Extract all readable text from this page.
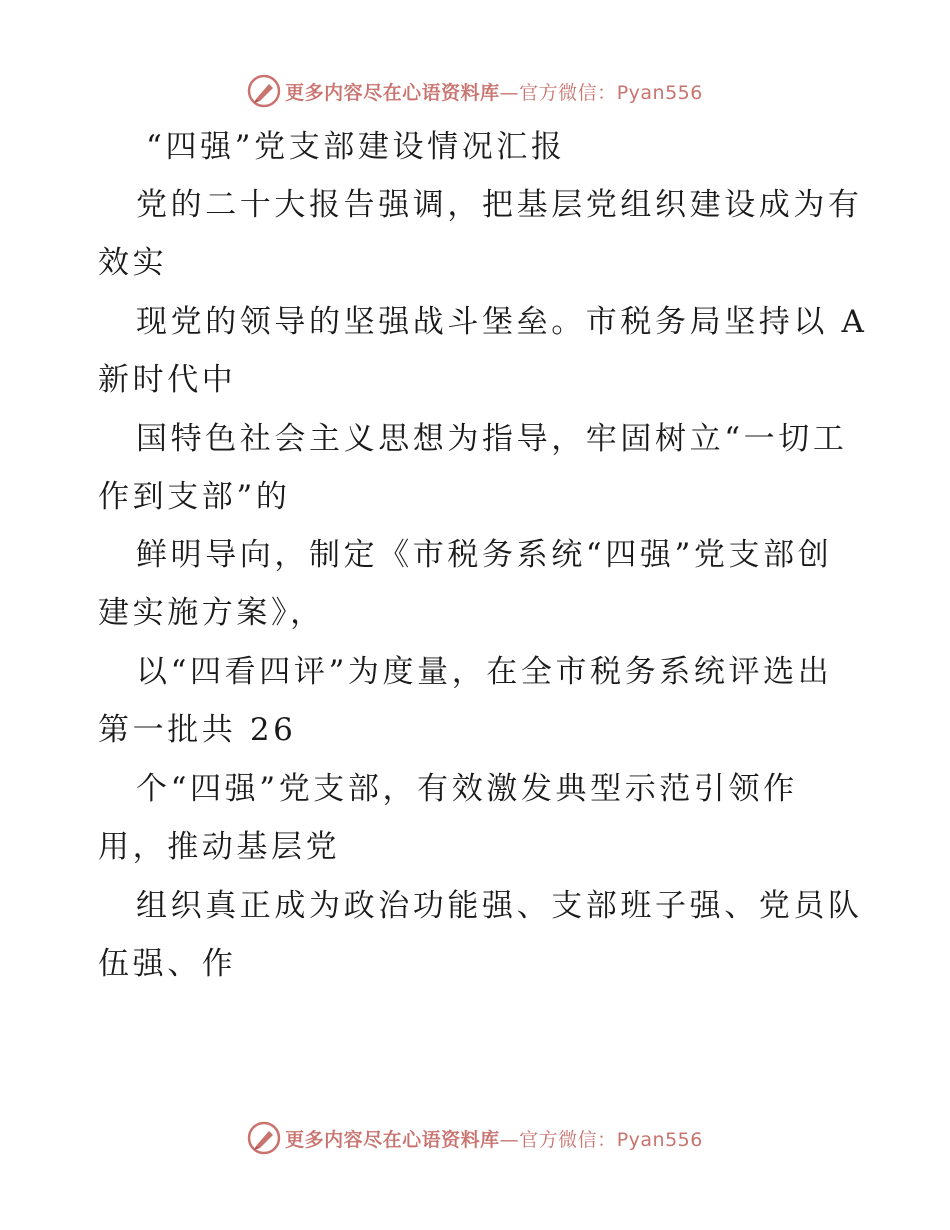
更多内容尽在心语资料库—官方微信：Pyan556
“四强”党支部建设情况汇报
党的二十大报告强调，把基层党组织建设成为有
效实
现党的领导的坚强战斗堡垒。市税务局坚持以 A
新时代中
国特色社会主义思想为指导，牢固树立“一切工
作到支部”的
鲜明导向，制定《市税务系统“四强”党支部创
建实施方案》，
以“四看四评”为度量，在全市税务系统评选出
第一批共 26
个“四强”党支部，有效激发典型示范引领作
用，推动基层党
组织真正成为政治功能强、支部班子强、党员队
伍强、作
更多内容尽在心语资料库—官方微信：Pyan556
